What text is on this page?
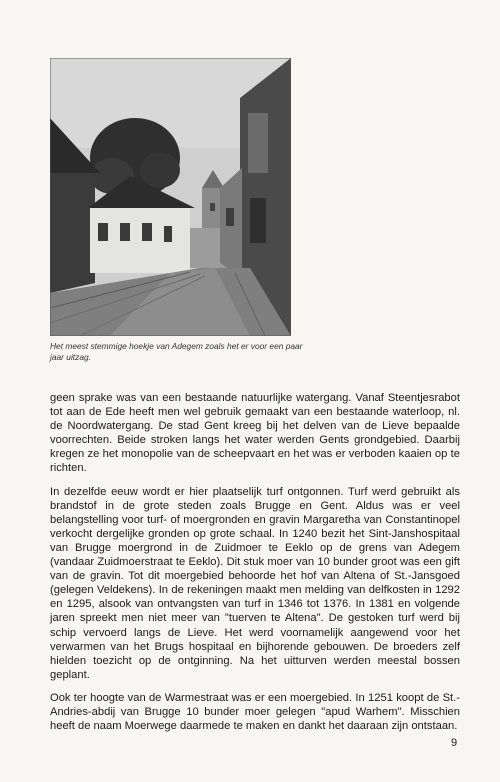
Het meest stemmige hoekje van Adegem zoals het er voor een paar
jaar uitzag.

geen sprake was van een bestaande natuurlijke watergang. Vanaf Steentjesrabot tot aan de Ede heeft men wel gebruik gemaakt van een bestaande waterloop, nl. de Noordwatergang. De stad Gent kreeg bij het delven van de Lieve bepaalde voorrechten. Beide stroken langs het water werden Gents grondgebied. Daarbij kregen ze het monopolie van de scheepvaart en het was er verboden kaaien op te richten.

In dezelfde eeuw wordt er hier plaatselijk turf ontgonnen. Turf werd gebruikt als brandstof in de grote steden zoals Brugge en Gent. Aldus was er veel belangstelling voor turf- of moergronden en gravin Margaretha van Constantinopel verkocht dergelijke gronden op grote schaal. In 1240 bezit het Sint-Janshospitaal van Brugge moergrond in de Zuidmoer te Eeklo op de grens van Adegem (vandaar Zuidmoerstraat te Eeklo). Dit stuk moer van 10 bunder groot was een gift van de gravin. Tot dit moergebied behoorde het hof van Altena of St.-Jansgoed (gelegen Veldekens). In de rekeningen maakt men melding van delfkosten in 1292 en 1295, alsook van ontvangsten van turf in 1346 tot 1376. In 1381 en volgende jaren spreekt men niet meer van "tuerven te Altena". De gestoken turf werd bij schip vervoerd langs de Lieve. Het werd voornamelijk aangewend voor het verwarmen van het Brugs hospitaal en bijhorende gebouwen. De broeders zelf hielden toezicht op de ontginning. Na het uitturven werden meestal bossen geplant.

Ook ter hoogte van de Warmestraat was er een moergebied. In 1251 koopt de St.-Andries-abdij van Brugge 10 bunder moer gelegen "apud Warhem". Misschien heeft de naam Moerwege daarmede te maken en dankt het daaraan zijn ontstaan.

9
